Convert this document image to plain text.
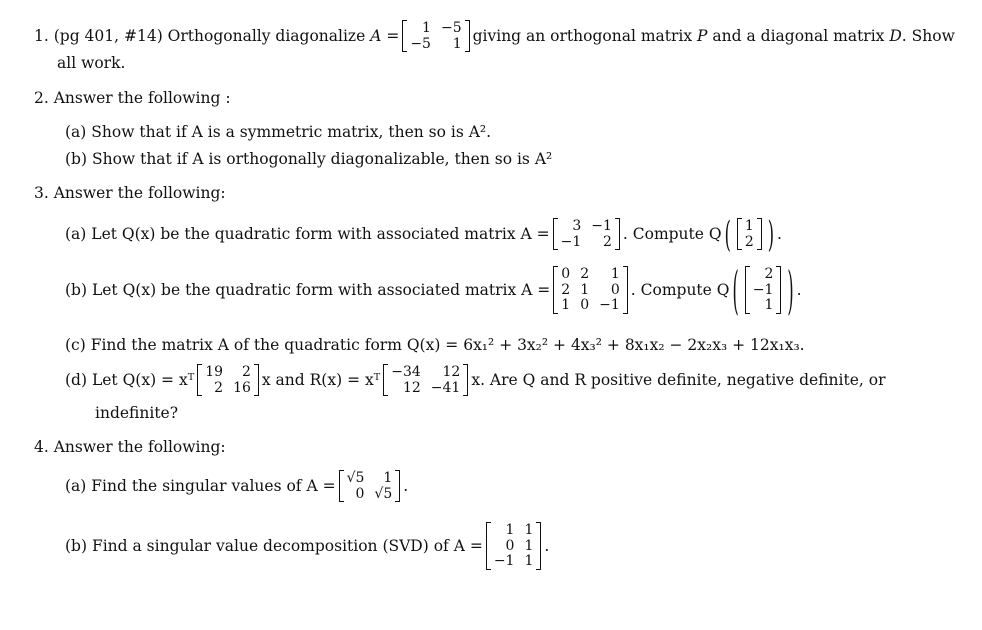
1.
(pg 401, #14) Orthogonally diagonalize
A =	1 −5
−5	1 giving an orthogonal matrix
P
and a diagonal matrix
D . Show
all work.
2.
Answer the following :
(a)
Show that if A is a symmetric matrix, then so is A².
(b)
Show that if A is orthogonally diagonalizable, then so is A²
3.
Answer the following:
(a)
Let Q(x) be the quadratic form with associated matrix A =	3 −1
−1	2 . Compute Q ( 1
2 ) .
(b)
Let Q(x) be the quadratic form with associated matrix A =
0 2	1
2 1	0
1 0 −1
. Compute Q (	2
−1
1 ) .
(c)
Find the matrix A of the quadratic form Q(x) = 6x₁² + 3x₂² + 4x₃² + 8x₁x₂ − 2x₂x₃ + 12x₁x₃.
(d)
Let Q(x) = xᵀ 19	2
2 16 x and R(x) = xᵀ −34	12
12 −41 x. Are Q and R positive definite, negative definite, or
indefinite?
4.
Answer the following:
(a)
Find the singular values of A = √5	1
0 √5 .
(b)
Find a singular value decomposition (SVD) of A =
1 1
0 1
−1 1
.
